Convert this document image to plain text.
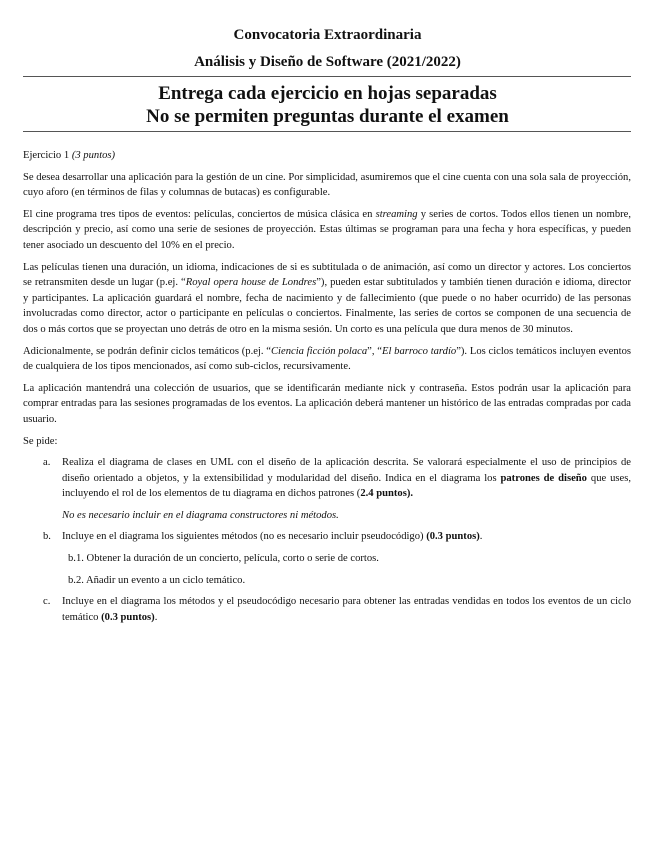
Convocatoria Extraordinaria
Análisis y Diseño de Software (2021/2022)
Entrega cada ejercicio en hojas separadas
No se permiten preguntas durante el examen

Ejercicio 1 (3 puntos)

Se desea desarrollar una aplicación para la gestión de un cine. Por simplicidad, asumiremos que el cine cuenta con una sola sala de proyección, cuyo aforo (en términos de filas y columnas de butacas) es configurable.

El cine programa tres tipos de eventos: películas, conciertos de música clásica en streaming y series de cortos. Todos ellos tienen un nombre, descripción y precio, así como una serie de sesiones de proyección. Estas últimas se programan para una fecha y hora específicas, y pueden tener asociado un descuento del 10% en el precio.

Las películas tienen una duración, un idioma, indicaciones de si es subtitulada o de animación, así como un director y actores. Los conciertos se retransmiten desde un lugar (p.ej. “Royal opera house de Londres”), pueden estar subtitulados y también tienen duración e idioma, director y participantes. La aplicación guardará el nombre, fecha de nacimiento y de fallecimiento (que puede o no haber ocurrido) de las personas involucradas como director, actor o participante en películas o conciertos. Finalmente, las series de cortos se componen de una secuencia de dos o más cortos que se proyectan uno detrás de otro en la misma sesión. Un corto es una película que dura menos de 30 minutos.

Adicionalmente, se podrán definir ciclos temáticos (p.ej. “Ciencia ficción polaca”, “El barroco tardío”). Los ciclos temáticos incluyen eventos de cualquiera de los tipos mencionados, así como sub-ciclos, recursivamente.

La aplicación mantendrá una colección de usuarios, que se identificarán mediante nick y contraseña. Estos podrán usar la aplicación para comprar entradas para las sesiones programadas de los eventos. La aplicación deberá mantener un histórico de las entradas compradas por cada usuario.

Se pide:

a. Realiza el diagrama de clases en UML con el diseño de la aplicación descrita. Se valorará especialmente el uso de principios de diseño orientado a objetos, y la extensibilidad y modularidad del diseño. Indica en el diagrama los patrones de diseño que uses, incluyendo el rol de los elementos de tu diagrama en dichos patrones (2.4 puntos).
No es necesario incluir en el diagrama constructores ni métodos.
b. Incluye en el diagrama los siguientes métodos (no es necesario incluir pseudocódigo) (0.3 puntos).
b.1. Obtener la duración de un concierto, película, corto o serie de cortos.
b.2. Añadir un evento a un ciclo temático.
c. Incluye en el diagrama los métodos y el pseudocódigo necesario para obtener las entradas vendidas en todos los eventos de un ciclo temático (0.3 puntos).
